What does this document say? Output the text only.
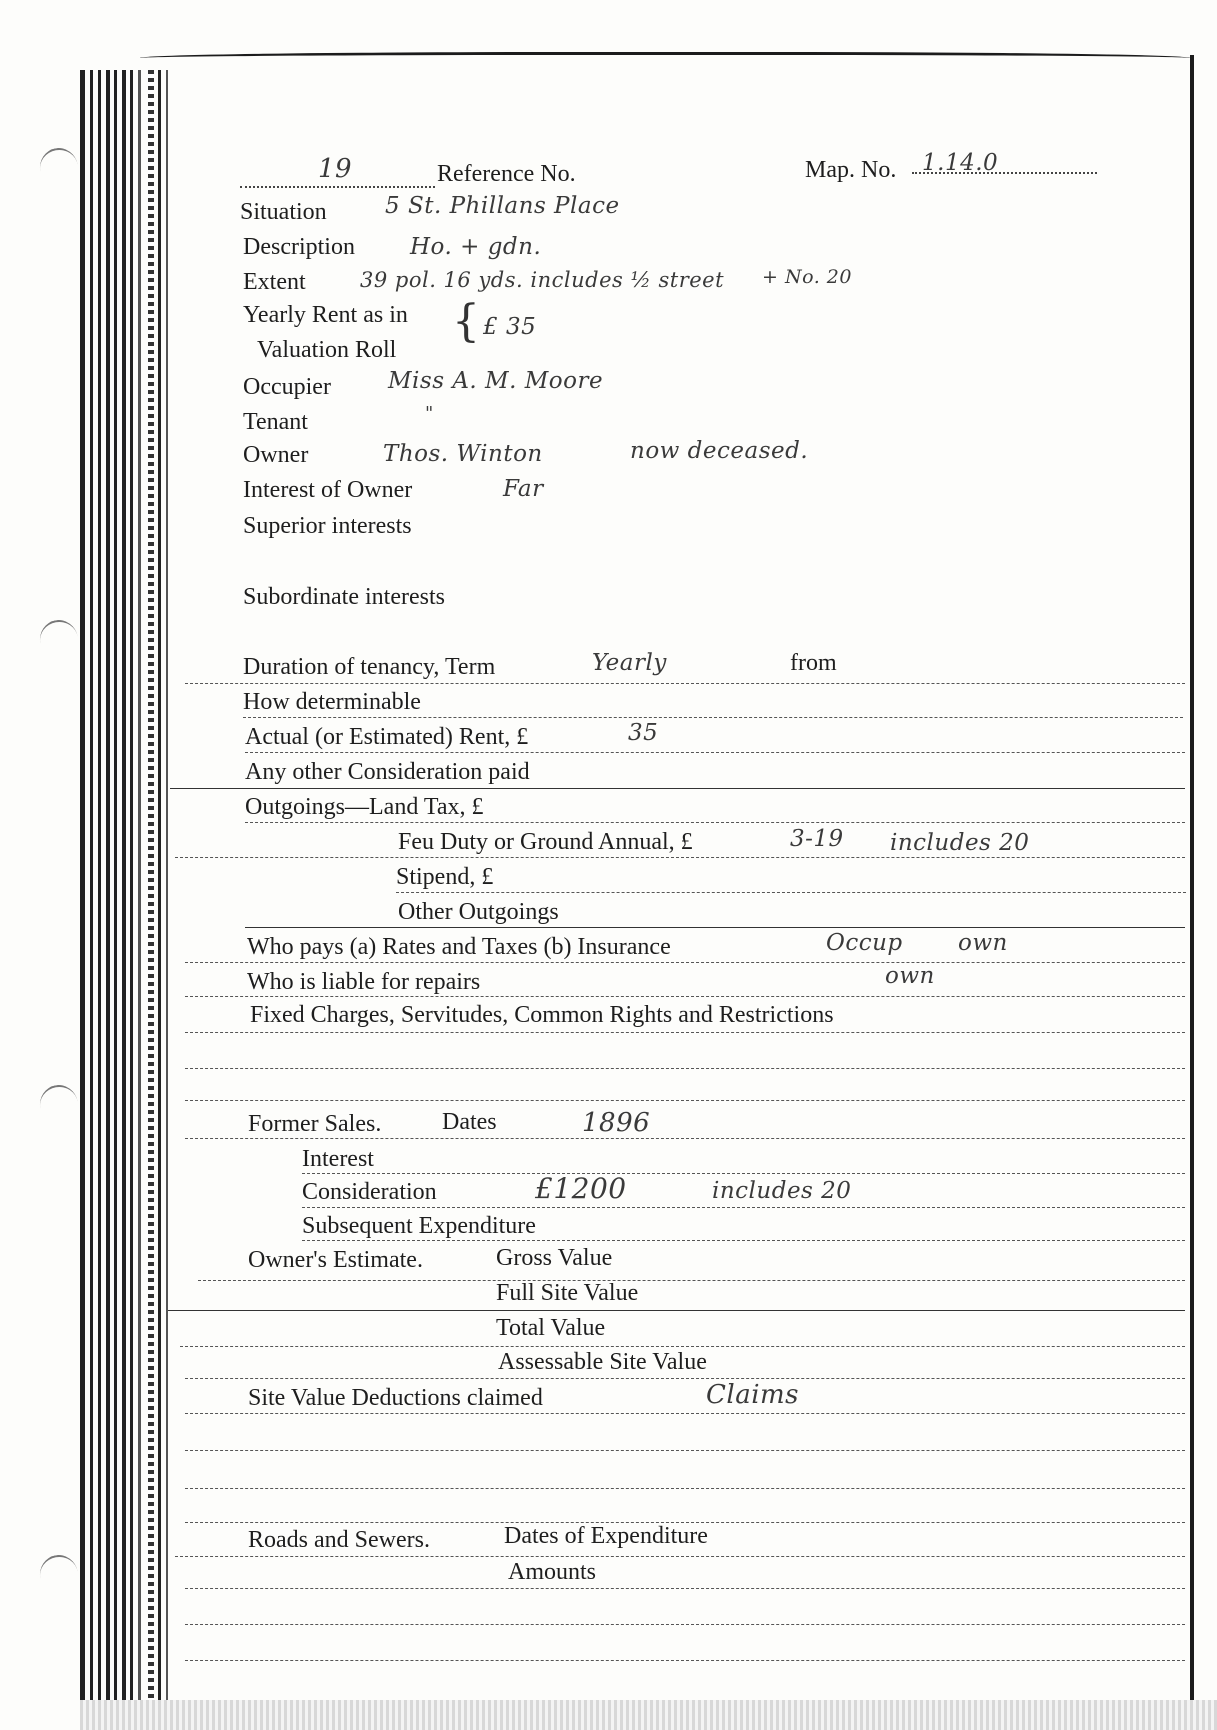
19	Reference No.	Map. No. 1.14.0
Situation	5 St. Phillans Place
Description Ho. + gdn.
Extent	39 pol. 16 yds. includes ½ street + No. 20
Yearly Rent as in
Valuation Roll
{ £ 35
Occupier Miss A. M. Moore
Tenant	"
Owner	Thos. Winton	now deceased.
Interest of Owner	Far
Superior interests
Subordinate interests
Duration of tenancy, Term	Yearly	from
How determinable
Actual (or Estimated) Rent, £	35
Any other Consideration paid
Outgoings—Land Tax, £
Feu Duty or Ground Annual, £	3-19 includes 20
Stipend, £
Other Outgoings
Who pays (a) Rates and Taxes (b) Insurance	Occup own
Who is liable for repairs	own
Fixed Charges, Servitudes, Common Rights and Restrictions
Former Sales.	Dates	1896
Interest
Consideration	£1200	includes 20
Subsequent Expenditure
Owner's Estimate.	Gross Value
Full Site Value
Total Value
Assessable Site Value
Site Value Deductions claimed	Claims
Roads and Sewers.	Dates of Expenditure
Amounts
